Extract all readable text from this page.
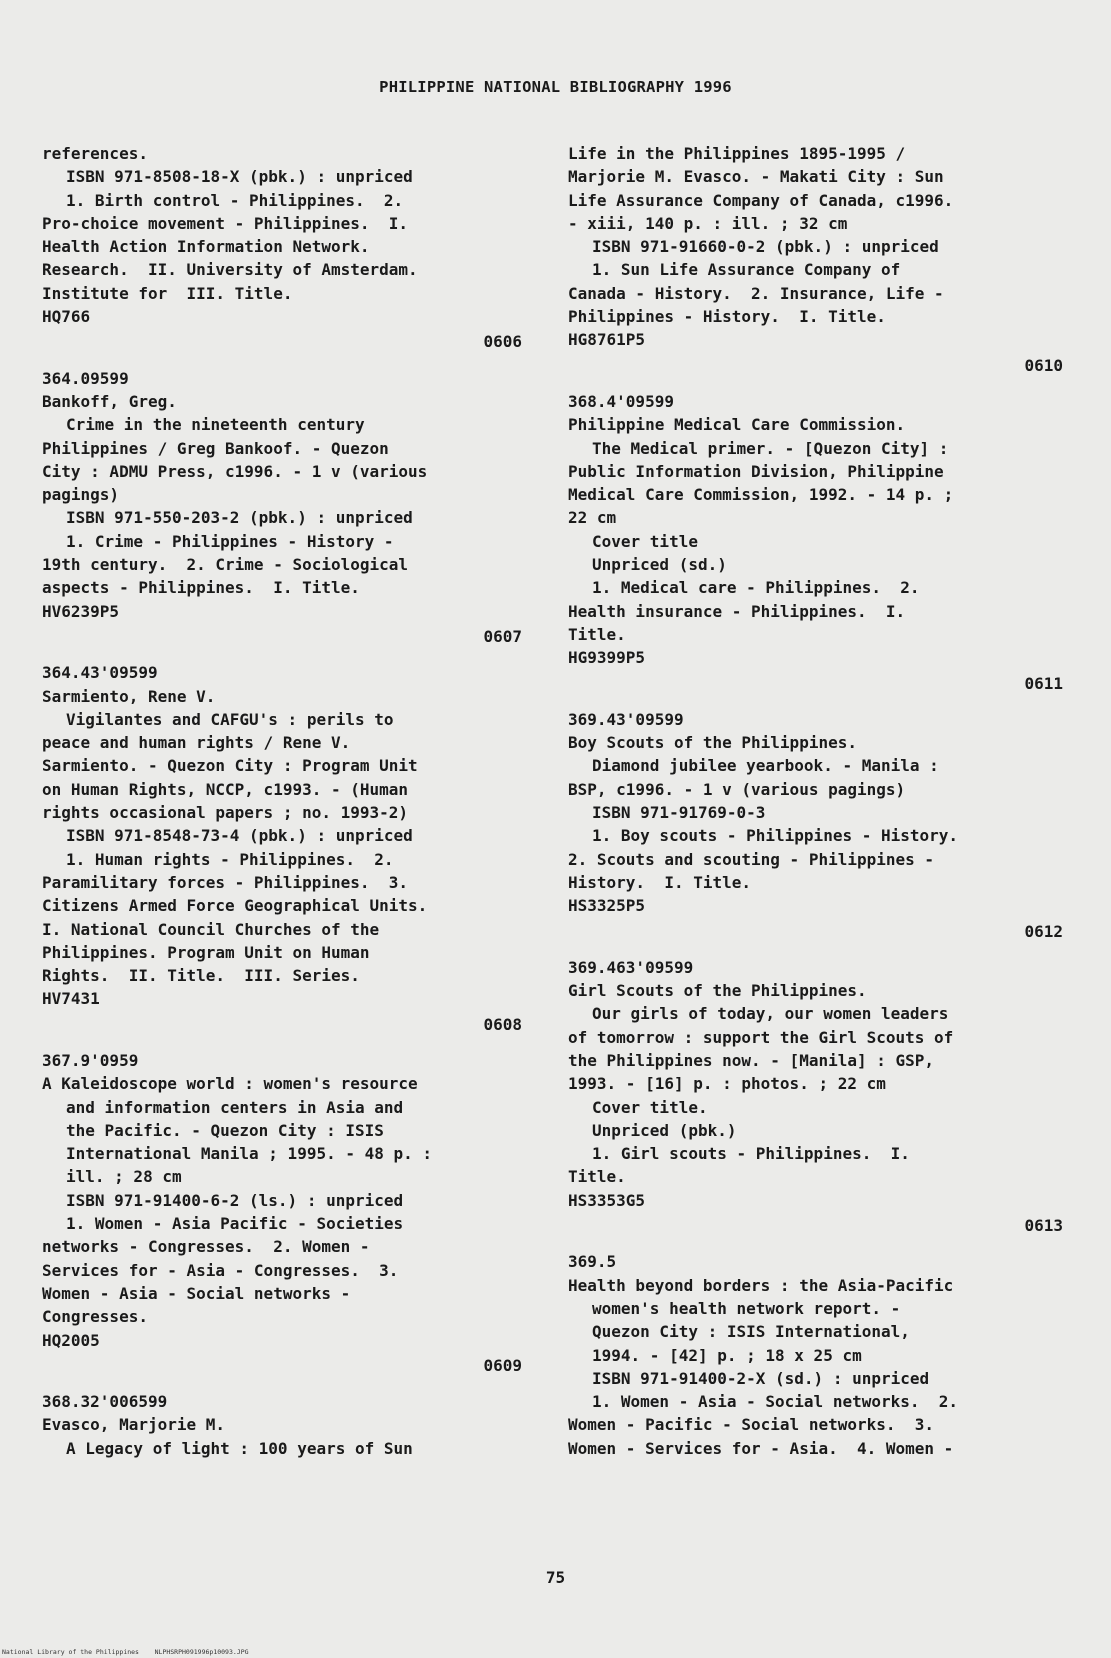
PHILIPPINE NATIONAL BIBLIOGRAPHY 1996
references.
ISBN 971-8508-18-X (pbk.) : unpriced
1. Birth control - Philippines.  2.
Pro-choice movement - Philippines.  I.
Health Action Information Network.
Research.  II. University of Amsterdam.
Institute for  III. Title.
HQ766
0606
364.09599
Bankoff, Greg.
Crime in the nineteenth century
Philippines / Greg Bankoof. - Quezon
City : ADMU Press, c1996. - 1 v (various
pagings)
ISBN 971-550-203-2 (pbk.) : unpriced
1. Crime - Philippines - History -
19th century.  2. Crime - Sociological
aspects - Philippines.  I. Title.
HV6239P5
0607
364.43'09599
Sarmiento, Rene V.
Vigilantes and CAFGU's : perils to
peace and human rights / Rene V.
Sarmiento. - Quezon City : Program Unit
on Human Rights, NCCP, c1993. - (Human
rights occasional papers ; no. 1993-2)
ISBN 971-8548-73-4 (pbk.) : unpriced
1. Human rights - Philippines.  2.
Paramilitary forces - Philippines.  3.
Citizens Armed Force Geographical Units.
I. National Council Churches of the
Philippines. Program Unit on Human
Rights.  II. Title.  III. Series.
HV7431
0608
367.9'0959
A Kaleidoscope world : women's resource
and information centers in Asia and
the Pacific. - Quezon City : ISIS
International Manila ; 1995. - 48 p. :
ill. ; 28 cm
ISBN 971-91400-6-2 (ls.) : unpriced
1. Women - Asia Pacific - Societies
networks - Congresses.  2. Women -
Services for - Asia - Congresses.  3.
Women - Asia - Social networks -
Congresses.
HQ2005
0609
368.32'006599
Evasco, Marjorie M.
A Legacy of light : 100 years of Sun
Life in the Philippines 1895-1995 /
Marjorie M. Evasco. - Makati City : Sun
Life Assurance Company of Canada, c1996.
- xiii, 140 p. : ill. ; 32 cm
ISBN 971-91660-0-2 (pbk.) : unpriced
1. Sun Life Assurance Company of
Canada - History.  2. Insurance, Life -
Philippines - History.  I. Title.
HG8761P5
0610
368.4'09599
Philippine Medical Care Commission.
The Medical primer. - [Quezon City] :
Public Information Division, Philippine
Medical Care Commission, 1992. - 14 p. ;
22 cm
Cover title
Unpriced (sd.)
1. Medical care - Philippines.  2.
Health insurance - Philippines.  I.
Title.
HG9399P5
0611
369.43'09599
Boy Scouts of the Philippines.
Diamond jubilee yearbook. - Manila :
BSP, c1996. - 1 v (various pagings)
ISBN 971-91769-0-3
1. Boy scouts - Philippines - History.
2. Scouts and scouting - Philippines -
History.  I. Title.
HS3325P5
0612
369.463'09599
Girl Scouts of the Philippines.
Our girls of today, our women leaders
of tomorrow : support the Girl Scouts of
the Philippines now. - [Manila] : GSP,
1993. - [16] p. : photos. ; 22 cm
Cover title.
Unpriced (pbk.)
1. Girl scouts - Philippines.  I.
Title.
HS3353G5
0613
369.5
Health beyond borders : the Asia-Pacific
women's health network report. -
Quezon City : ISIS International,
1994. - [42] p. ; 18 x 25 cm
ISBN 971-91400-2-X (sd.) : unpriced
1. Women - Asia - Social networks.  2.
Women - Pacific - Social networks.  3.
Women - Services for - Asia.  4. Women -
75
National Library of the Philippines    NLPHSRPH091996p10093.JPG
